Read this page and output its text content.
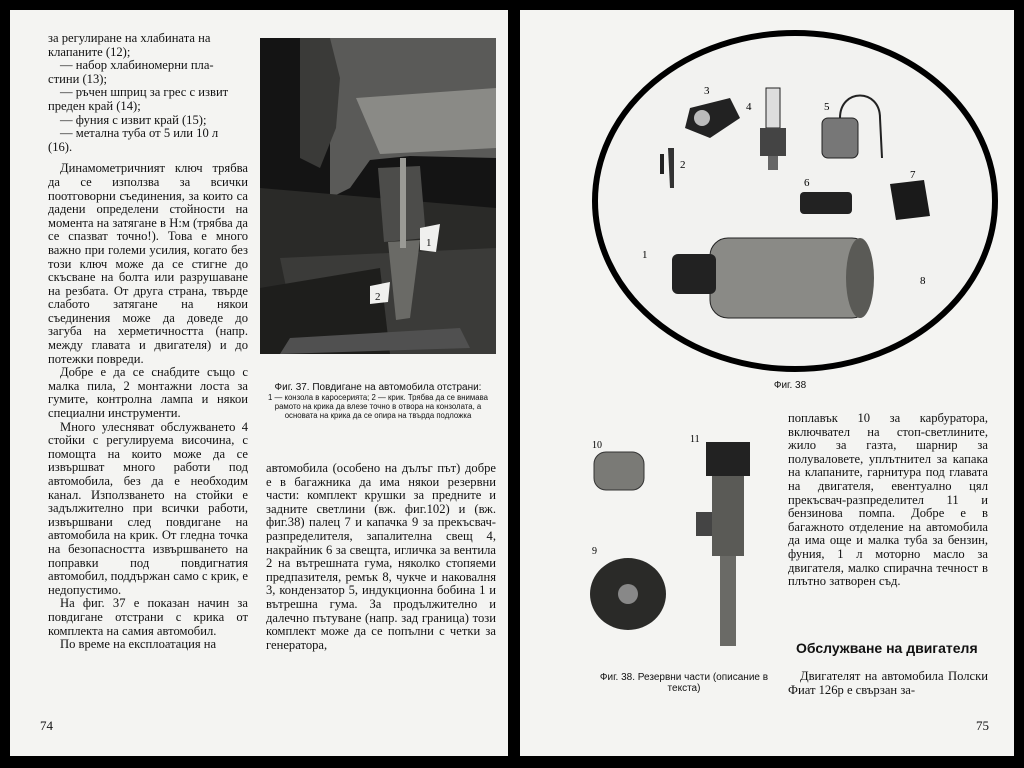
за регулиране на хлабината на

клапаните (12);

— набор хлабиномерни пла-

стини (13);

— ръчен шприц за грес с извит

преден край (14);

— фуния с извит край (15);

— метална туба от 5 или 10 л

(16).

Динамометричният ключ трябва да се използва за всички поотговорни съединения, за които са дадени определени стойности на момента на затягане в Н:м (трябва да се спазват точно!). Това е много важно при големи усилия, когато без този ключ може да се стигне до скъсване на болта или разрушаване на резбата. От друга страна, твърде слабото затягане на някои съединения може да доведе до загуба на херметичността (напр. между главата и двигателя) и до потежки повреди.

Добре е да се снабдите също с малка пила, 2 монтажни лоста за гумите, контролна лампа и някои специални инструменти.

Много улесняват обслужването 4 стойки с регулируема височина, с помощта на които може да се извършват много работи под автомобила, без да е необходим канал. Използването на стойки е задължително при всички работи, извършвани след повдигане на автомобила на крик. От гледна точка на безопасността извършването на поправки под повдигнатия автомобил, поддържан само с крик, е недопустимо.

На фиг. 37 е показан начин за повдигане отстрани с крика от комплекта на самия автомобил.

По време на експлоатация на

1
2
Фиг. 37. Повдигане на автомобила отстрани:
1 — конзола в каросерията; 2 — крик. Трябва да се внимава рамото на крика да влезе точно в отвора на конзолата, а основата на крика да се опира на твърда подложка

автомобила (особено на дълъг път) добре е в багажника да има някои резервни части: комплект крушки за предните и задните светлини (вж. фиг.102) и (вж. фиг.38) палец 7 и капачка 9 за прекъсвач-разпределителя, запалителна свещ 4, накрайник 6 за свещта, игличка за вентила 2 на вътрешната гума, няколко стопяеми предпазителя, ремък 8, чукче и наковалня 3, кондензатор 5, индукционна бобина 1 и вътрешна гума. За продължително и далечно пътуване (напр. зад граница) този комплект може да се попълни с четки за генератора,

74
3
4	5
2
6
7
1
8
Фиг. 38
10
11
9
Фиг. 38. Резервни части (описание в текста)

поплавък 10 за карбуратора, включвател на стоп-светлините, жило за газта, шарнир за полуваловете, уплътнител за капака на клапаните, гарнитура под главата на двигателя, евентуално цял прекъсвач-разпределител 11 и бензинова помпа. Добре е в багажното отделение на автомобила да има още и малка туба за бензин, фуния, 1 л моторно масло за двигателя, малко спирачна течност в плътно затворен съд.

Обслужване на двигателя

Двигателят на автомобила Полски Фиат 126р е свързан за-

75
